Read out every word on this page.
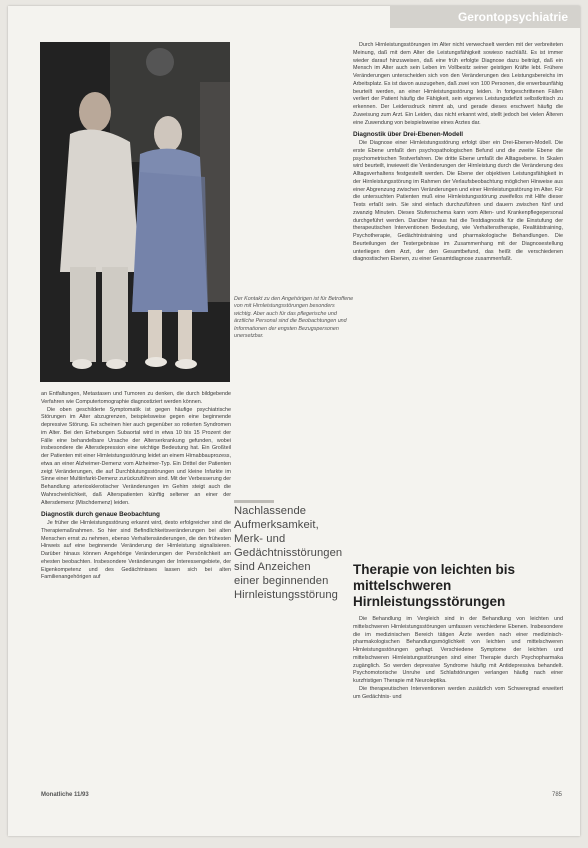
Gerontopsychiatrie
Der Kontakt zu den Angehörigen ist für Betroffene von mit Hirnleistungsstörungen besonders wichtig. Aber auch für das pflegerische und ärztliche Personal sind die Beobachtungen und Informationen der engsten Bezugspersonen unersetzbar.

an Entfaltungen, Metastasen und Tumoren zu denken, die durch bildgebende Verfahren wie Computertomographie diagnostiziert werden können.

Die oben geschilderte Symptomatik ist gegen häufige psychiatrische Störungen im Alter abzugrenzen, beispielsweise gegen eine beginnende depressive Störung. Es scheinen hier auch gegenüber so rotierten Syndromen im Alter. Bei den Erhebungen Subaortal wird in etwa 10 bis 15 Prozent der Fälle eine behandelbare Ursache der Alterserkrankung gefunden, wobei insbesondere die Altersdepression eine wichtige Bedeutung hat. Ein Großteil der Patienten mit einer Hirnleistungsstörung leidet an einem Hirnabbauprozess, etwa an einer Alzheimer-Demenz vom Alzheimer-Typ. Ein Drittel der Patienten zeigt Veränderungen, die auf Durchblutungsstörungen und kleine Infarkte im Sinne einer Multiinfarkt-Demenz zurückzuführen sind. Mit der Verbesserung der Behandlung arteriosklerotischer Veränderungen im Gehirn steigt auch die Wahrscheinlichkeit, daß Alterspatienten künftig seltener an einer der Altersdemenz (Mischdemenz) leiden.

Diagnostik durch genaue Beobachtung

Je früher die Hirnleistungsstörung erkannt wird, desto erfolgreicher sind die Therapiemaßnahmen. So hier sind Befindlichkeitsveränderungen bei alten Menschen ernst zu nehmen, ebenso Verhaltensänderungen, die den frühesten Hinweis auf eine beginnende Veränderung der Hirnleistung signalisieren. Darüber hinaus können Angehörige Veränderungen der Persönlichkeit am ehesten beobachten. Insbesondere Veränderungen der Interessengebiete, der Eigenkompetenz und des Gedächtnisses lassen sich bei alten Familienangehörigen auf

Nachlassende Aufmerksamkeit, Merk- und Gedächtnisstörungen sind Anzeichen einer beginnenden Hirnleistungsstörung

Durch Hirnleistungsstörungen im Alter nicht verwechselt werden mit der verbreiteten Meinung, daß mit dem Alter die Leistungsfähigkeit sowieso nachläßt. Es ist immer wieder darauf hinzuweisen, daß eine früh erfolgte Diagnose dazu beiträgt, daß ein Mensch im Alter auch sein Leben im Vollbesitz seiner geistigen Kräfte lebt. Frühere Veränderungen unterscheiden sich von den Veränderungen des Leistungsbereichs im Arbeitsplatz. Es ist davon auszugehen, daß zwei von 100 Personen, die erwerbsunfähig beurteilt werden, an einer Hirnleistungsstörung leiden. In fortgeschrittenen Fällen verliert der Patient häufig die Fähigkeit, sein eigenes Leistungsdefizit selbstkritisch zu erkennen. Der Leidensdruck nimmt ab, und gerade dieses erschwert häufig die Zuweisung zum Arzt. Ein Leiden, das nicht erkannt wird, stellt jedoch bei vielen Älteren eine Zuwendung von beispielsweise eines Arztes dar.

Diagnostik über Drei-Ebenen-Modell

Die Diagnose einer Hirnleistungsstörung erfolgt über ein Drei-Ebenen-Modell. Die erste Ebene umfaßt den psychopathologischen Befund und die zweite Ebene die psychometrischen Testverfahren. Die dritte Ebene umfaßt die Alltagsebene. In Skalen wird beurteilt, inwieweit die Veränderungen der Hirnleistung durch die Veränderung des Alltagsverhaltens festgestellt werden. Die Ebene der objektiven Leistungsfähigkeit in der Hirnleistungsstörung im Rahmen der Verlaufsbeobachtung möglichen Hinweise aus einer Abgrenzung zwischen Veränderungen und einer Hirnleistungsstörung im Alter. Für die untersuchten Patienten muß eine Hirnleistungsstörung zweifellos mit Hilfe dieser Tests erfaßt sein. Sie sind einfach durchzuführen und dauern zwischen fünf und zwanzig Minuten. Dieses Stufenschema kann vom Alten- und Krankenpflegepersonal durchgeführt werden. Darüber hinaus hat die Testdiagnostik für die Einstufung der therapeutischen Interventionen Bedeutung, wie Verhaltenstherapie, Realitätstraining, Psychotherapie, Gedächtnistraining und pharmakologische Behandlungen. Die Beurteilungen der Testergebnisse im Zusammenhang mit der Diagnosestellung unterliegen dem Arzt, der den Gesamtbefund, das heißt die verschiedenen diagnostischen Ebenen, zu einer Gesamtdiagnose zusammenfaßt.

Therapie von leichten bis mittelschweren Hirnleistungsstörungen

Die Behandlung im Vergleich sind in der Behandlung von leichten und mittelschweren Hirnleistungsstörungen umfassen verschiedene Ebenen. Insbesondere die im medizinischen Bereich tätigen Ärzte werden nach einer medizinisch-pharmakologischen Behandlungsmöglichkeit von leichten und mittelschweren Hirnleistungsstörungen gefragt. Verschiedene Symptome der leichten und mittelschweren Hirnleistungsstörungen sind einer Therapie durch Psychopharmaka zugänglich. So werden depressive Syndrome häufig mit Antidepressiva behandelt. Psychomotorische Unruhe und Schlafstörungen verlangen häufig nach einer kurzfristigen Therapie mit Neuroleptika.

Die therapeutischen Interventionen werden zusätzlich vom Schweregrad erweitert um Gedächtnis- und

Monatliche 11/93	785
